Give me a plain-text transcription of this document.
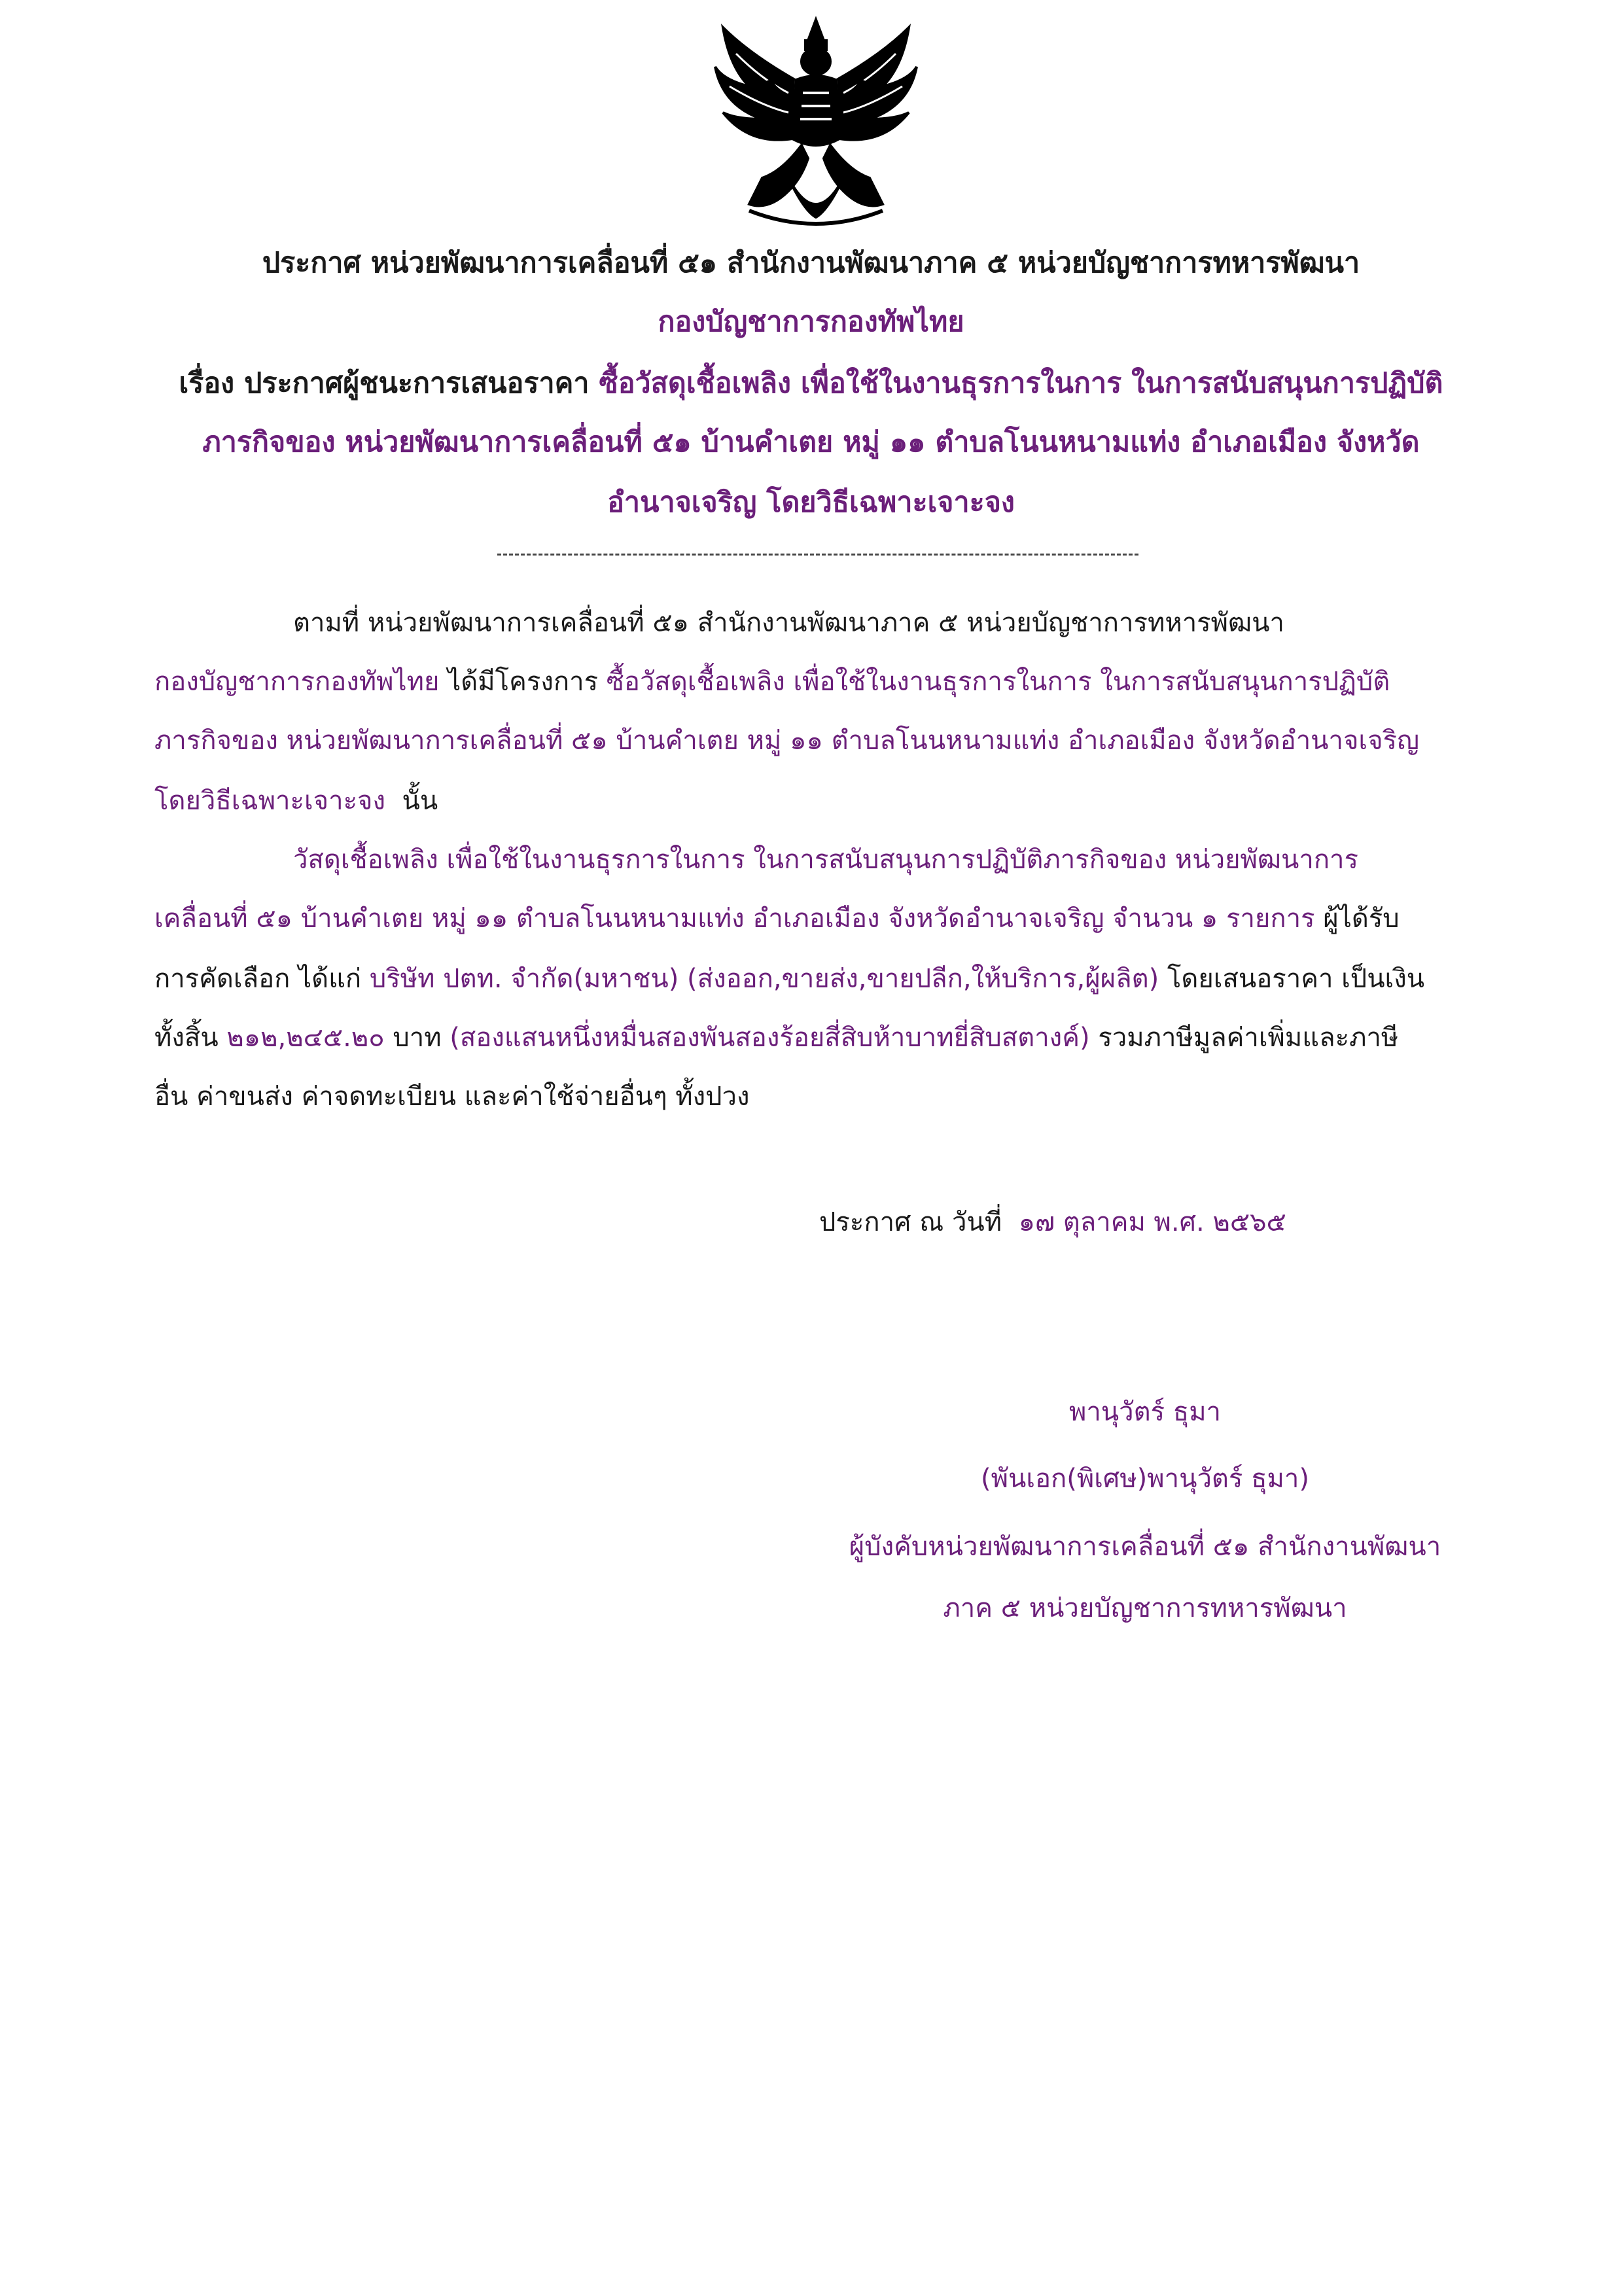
ประกาศ หน่วยพัฒนาการเคลื่อนที่ ๕๑ สำนักงานพัฒนาภาค ๕ หน่วยบัญชาการทหารพัฒนา
กองบัญชาการกองทัพไทย
เรื่อง ประกาศผู้ชนะการเสนอราคา ซื้อวัสดุเชื้อเพลิง เพื่อใช้ในงานธุรการในการ ในการสนับสนุนการปฏิบัติ
ภารกิจของ หน่วยพัฒนาการเคลื่อนที่ ๕๑ บ้านคำเตย หมู่ ๑๑ ตำบลโนนหนามแท่ง อำเภอเมือง จังหวัด
อำนาจเจริญ โดยวิธีเฉพาะเจาะจง
ตามที่ หน่วยพัฒนาการเคลื่อนที่ ๕๑ สำนักงานพัฒนาภาค ๕ หน่วยบัญชาการทหารพัฒนา
กองบัญชาการกองทัพไทย ได้มีโครงการ ซื้อวัสดุเชื้อเพลิง เพื่อใช้ในงานธุรการในการ ในการสนับสนุนการปฏิบัติ
ภารกิจของ หน่วยพัฒนาการเคลื่อนที่ ๕๑ บ้านคำเตย หมู่ ๑๑ ตำบลโนนหนามแท่ง อำเภอเมือง จังหวัดอำนาจเจริญ
โดยวิธีเฉพาะเจาะจง นั้น
วัสดุเชื้อเพลิง เพื่อใช้ในงานธุรการในการ ในการสนับสนุนการปฏิบัติภารกิจของ หน่วยพัฒนาการ
เคลื่อนที่ ๕๑ บ้านคำเตย หมู่ ๑๑ ตำบลโนนหนามแท่ง อำเภอเมือง จังหวัดอำนาจเจริญ จำนวน ๑ รายการ ผู้ได้รับ
การคัดเลือก ได้แก่ บริษัท ปตท. จำกัด(มหาชน) (ส่งออก,ขายส่ง,ขายปลีก,ให้บริการ,ผู้ผลิต) โดยเสนอราคา เป็นเงิน
ทั้งสิ้น ๒๑๒,๒๔๕.๒๐ บาท (สองแสนหนึ่งหมื่นสองพันสองร้อยสี่สิบห้าบาทยี่สิบสตางค์) รวมภาษีมูลค่าเพิ่มและภาษี
อื่น ค่าขนส่ง ค่าจดทะเบียน และค่าใช้จ่ายอื่นๆ ทั้งปวง
ประกาศ ณ วันที่ ๑๗ ตุลาคม พ.ศ. ๒๕๖๕
พานุวัตร์ ธุมา
(พันเอก(พิเศษ)พานุวัตร์ ธุมา)
ผู้บังคับหน่วยพัฒนาการเคลื่อนที่ ๕๑ สำนักงานพัฒนา
ภาค ๕ หน่วยบัญชาการทหารพัฒนา
